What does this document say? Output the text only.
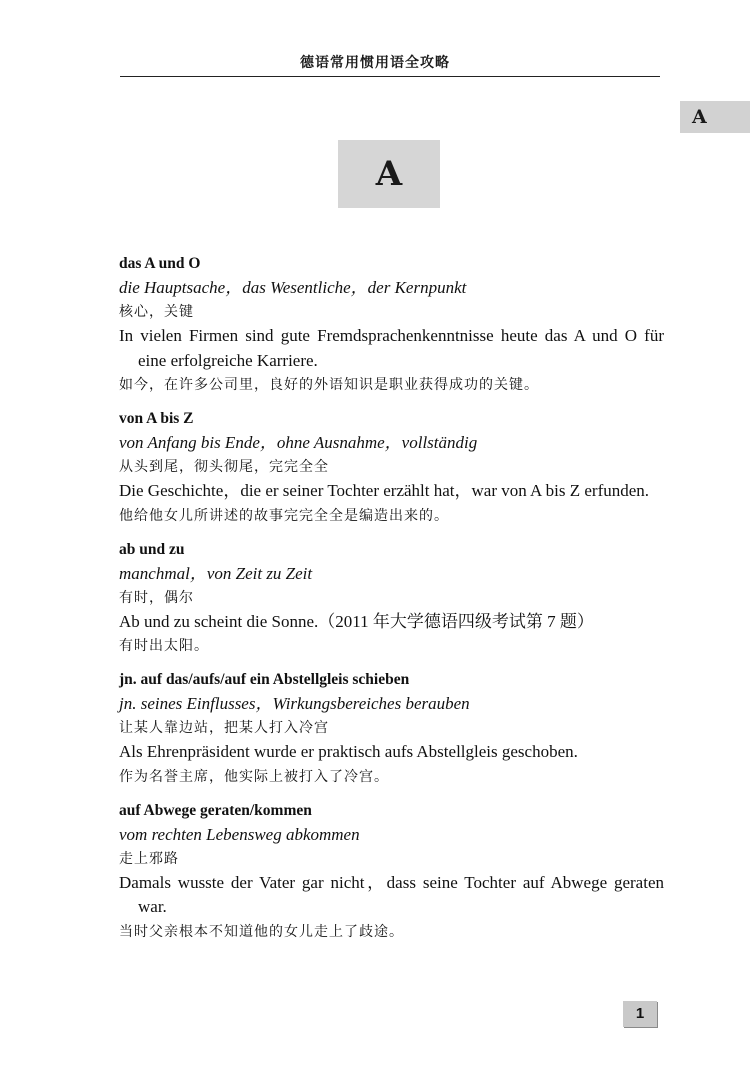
德语常用惯用语全攻略
A
A
das A und O
die Hauptsache，das Wesentliche，der Kernpunkt
核心，关键
In vielen Firmen sind gute Fremdsprachenkenntnisse heute das A und O für eine erfolgreiche Karriere.
如今，在许多公司里，良好的外语知识是职业获得成功的关键。
von A bis Z
von Anfang bis Ende，ohne Ausnahme，vollständig
从头到尾，彻头彻尾，完完全全
Die Geschichte，die er seiner Tochter erzählt hat，war von A bis Z erfunden.
他给他女儿所讲述的故事完完全全是编造出来的。
ab und zu
manchmal，von Zeit zu Zeit
有时，偶尔
Ab und zu scheint die Sonne.（2011 年大学德语四级考试第 7 题）
有时出太阳。
jn. auf das/aufs/auf ein Abstellgleis schieben
jn. seines Einflusses，Wirkungsbereiches berauben
让某人靠边站，把某人打入冷宫
Als Ehrenpräsident wurde er praktisch aufs Abstellgleis geschoben.
作为名誉主席，他实际上被打入了冷宫。
auf Abwege geraten/kommen
vom rechten Lebensweg abkommen
走上邪路
Damals wusste der Vater gar nicht，dass seine Tochter auf Abwege geraten war.
当时父亲根本不知道他的女儿走上了歧途。
1
